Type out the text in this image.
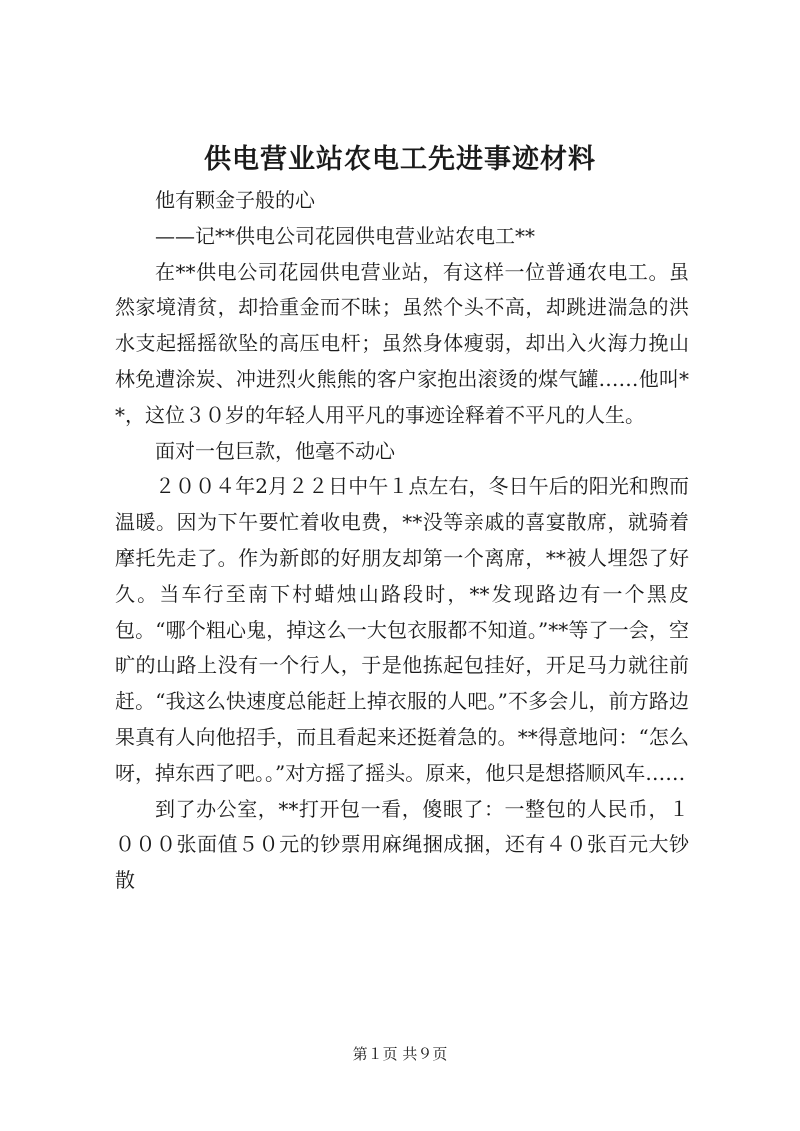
供电营业站农电工先进事迹材料

他有颗金子般的心

——记**供电公司花园供电营业站农电工**

在**供电公司花园供电营业站，有这样一位普通农电工。虽然家境清贫，却拾重金而不昧；虽然个头不高，却跳进湍急的洪水支起摇摇欲坠的高压电杆；虽然身体瘦弱，却出入火海力挽山林免遭涂炭、冲进烈火熊熊的客户家抱出滚烫的煤气罐……他叫**，这位３０岁的年轻人用平凡的事迹诠释着不平凡的人生。

面对一包巨款，他毫不动心

２００４年2月２２日中午１点左右，冬日午后的阳光和煦而温暖。因为下午要忙着收电费，**没等亲戚的喜宴散席，就骑着摩托先走了。作为新郎的好朋友却第一个离席，**被人埋怨了好久。当车行至南下村蜡烛山路段时，**发现路边有一个黑皮包。“哪个粗心鬼，掉这么一大包衣服都不知道。”**等了一会，空旷的山路上没有一个行人，于是他拣起包挂好，开足马力就往前赶。“我这么快速度总能赶上掉衣服的人吧。”不多会儿，前方路边果真有人向他招手，而且看起来还挺着急的。**得意地问：“怎么呀，掉东西了吧。。”对方摇了摇头。原来，他只是想搭顺风车……

到了办公室，**打开包一看，傻眼了：一整包的人民币，１０００张面值５０元的钞票用麻绳捆成捆，还有４０张百元大钞散

第１页 共９页
